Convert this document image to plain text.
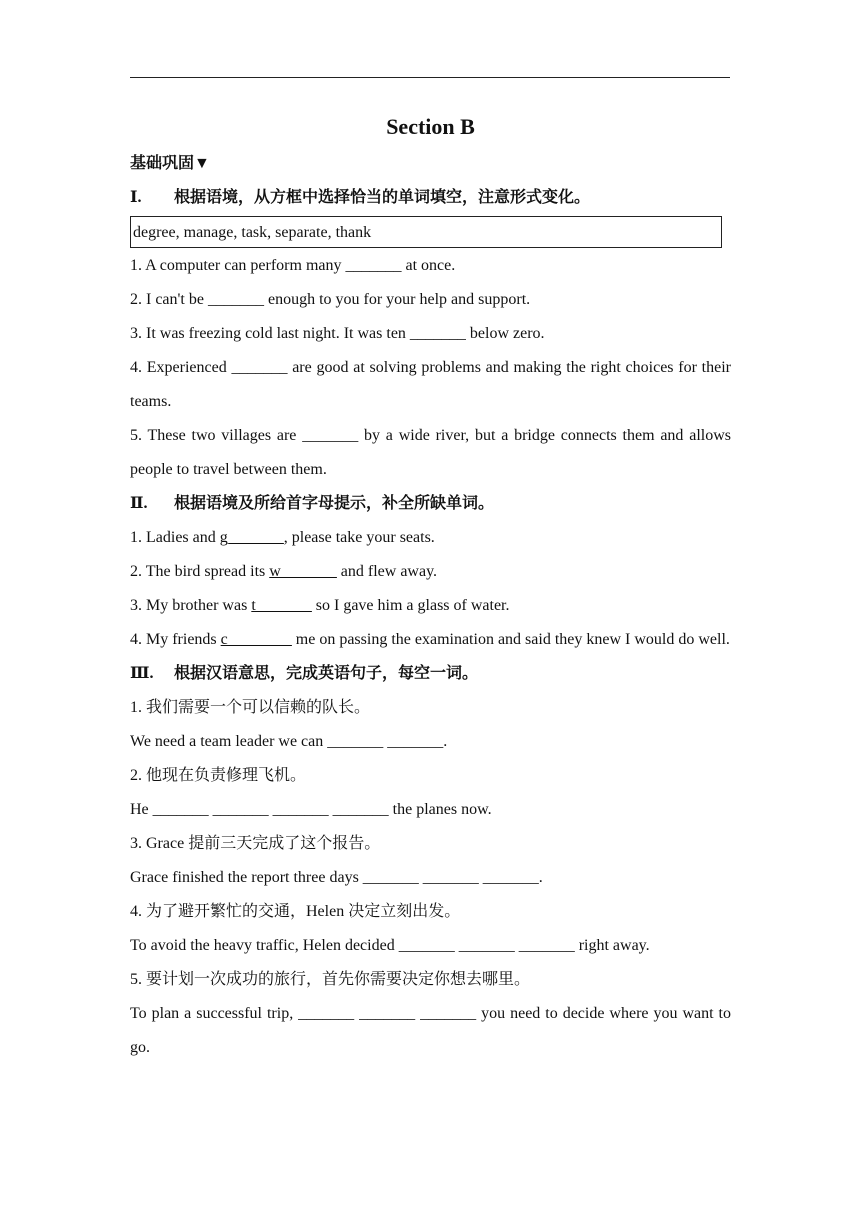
Section B
基础巩固▼
Ⅰ. 根据语境，从方框中选择恰当的单词填空，注意形式变化。
degree, manage, task, separate, thank
1. A computer can perform many _______ at once.
2. I can't be _______ enough to you for your help and support.
3. It was freezing cold last night. It was ten _______ below zero.
4. Experienced _______ are good at solving problems and making the right choices for their teams.
5. These two villages are _______ by a wide river, but a bridge connects them and allows people to travel between them.
Ⅱ. 根据语境及所给首字母提示，补全所缺单词。
1. Ladies and g_______, please take your seats.
2. The bird spread its w_______ and flew away.
3. My brother was t_______ so I gave him a glass of water.
4. My friends c________ me on passing the examination and said they knew I would do well.
Ⅲ. 根据汉语意思，完成英语句子，每空一词。
1. 我们需要一个可以信赖的队长。
We need a team leader we can _______ _______.
2. 他现在负责修理飞机。
He _______ _______ _______ _______ the planes now.
3. Grace 提前三天完成了这个报告。
Grace finished the report three days _______ _______ _______.
4. 为了避开繁忙的交通，Helen 决定立刻出发。
To avoid the heavy traffic, Helen decided _______ _______ _______ right away.
5. 要计划一次成功的旅行，首先你需要决定你想去哪里。
To plan a successful trip, _______ _______ _______ you need to decide where you want to go.
